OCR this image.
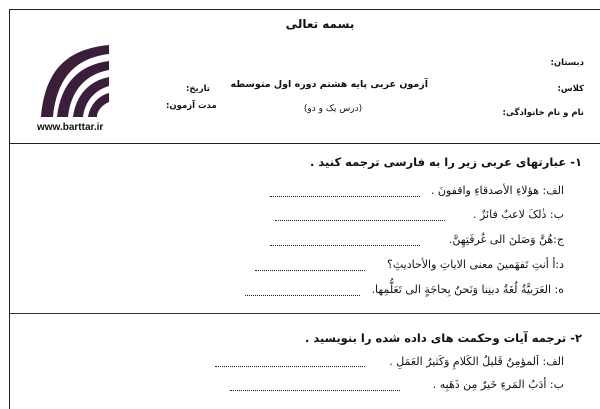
بسمه تعالی
دبستان:
کلاس:
نام و نام خانوادگی:
آزمون عربی پایه هشتم دوره اول متوسطه
(درس یک و دو)
تاریخ:
مدت آزمون:
www.barttar.ir
۱- عبارتهای عربی زیر را به فارسی ترجمه کنید .
الف: هؤلاءِ الأصدقاءِ واقفونَ .
ب: ذٰلکَ لاعبٌ فائزٌ .
ج:هُنَّ وَصَلنَ الی غُرفَتِهِنَّ.
د:أ أنتِ تَفهَمینَ معنی الایاتِ والأحادیثِ؟
ه: العَرَبیَّةُ لُغَةُ دینِنا وَنَحنُ بِحاجَةٍ الی تَعَلُّمِها.
۲- ترجمه آیات وحکمت های داده شده را بنویسید .
الف: اَلمؤمِنُ قَلیلُ الکَلامِ وَکَثیرُ العَمَلِ .
ب: أدَبُ المَرءِ خَیرٌ مِن ذَهَبِه .
